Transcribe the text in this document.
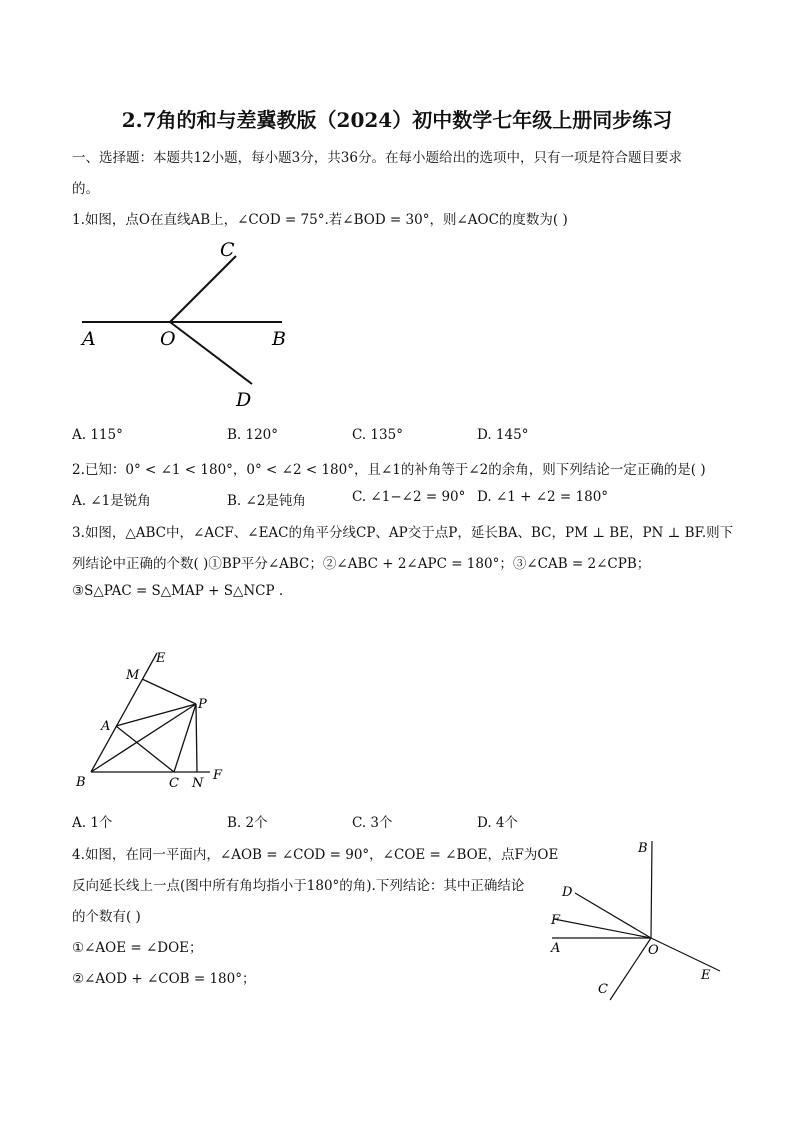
2.7角的和与差冀教版（2024）初中数学七年级上册同步练习
一、选择题：本题共12小题，每小题3分，共36分。在每小题给出的选项中，只有一项是符合题目要求
的。
1.如图，点O在直线AB上，∠COD = 75°.若∠BOD = 30°，则∠AOC的度数为( )
A	O	B
C
D
A. 115°	B. 120°	C. 135°	D. 145°
2.已知：0° < ∠1 < 180°，0° < ∠2 < 180°，且∠1的补角等于∠2的余角，则下列结论一定正确的是( )
A. ∠1是锐角	B. ∠2是钝角	C. ∠1−∠2 = 90° D. ∠1 + ∠2 = 180°
3.如图，△ABC中，∠ACF、∠EAC的角平分线CP、AP交于点P，延长BA、BC，PM ⊥ BE，PN ⊥ BF.则下
列结论中正确的个数( )①BP平分∠ABC；②∠ABC + 2∠APC = 180°；③∠CAB = 2∠CPB；
③S△PAC = S△MAP + S△NCP .
E
M
P
A
B	C N
F
A. 1个	B. 2个	C. 3个	D. 4个
4.如图，在同一平面内，∠AOB = ∠COD = 90°，∠COE = ∠BOE，点F为OE
反向延长线上一点(图中所有角均指小于180°的角).下列结论：其中正确结论
的个数有( )
①∠AOE = ∠DOE；
②∠AOD + ∠COB = 180°；
B
D
F
A	O
C
E
